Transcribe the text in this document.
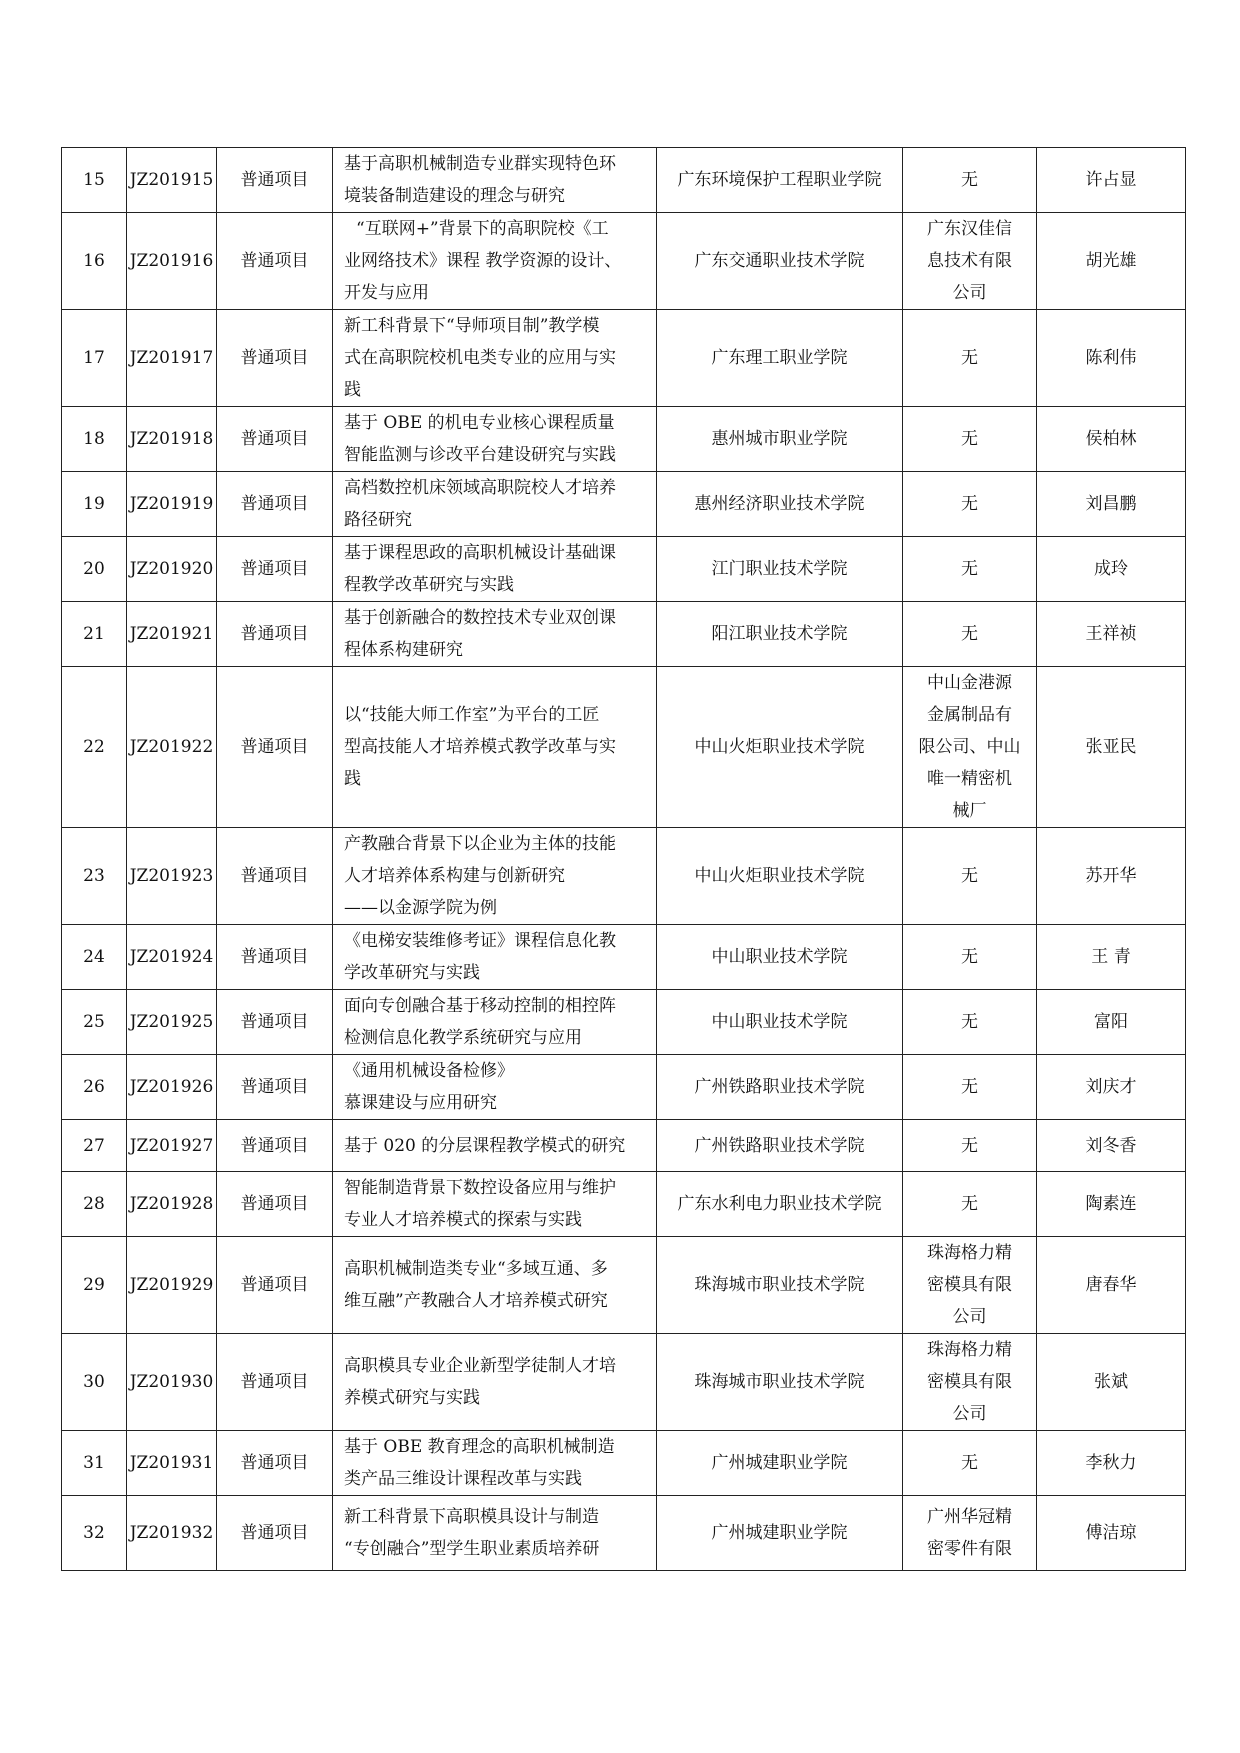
15	JZ201915	普通项目	基于高职机械制造专业群实现特色环
境装备制造建设的理念与研究	广东环境保护工程职业学院	无	许占显
16	JZ201916	普通项目	“互联网+”背景下的高职院校《工
业网络技术》课程 教学资源的设计、
开发与应用	广东交通职业技术学院	广东汉佳信
息技术有限
公司	胡光雄
17	JZ201917	普通项目	新工科背景下“导师项目制”教学模
式在高职院校机电类专业的应用与实
践	广东理工职业学院	无	陈利伟
18	JZ201918	普通项目	基于 OBE 的机电专业核心课程质量
智能监测与诊改平台建设研究与实践	惠州城市职业学院	无	侯柏林
19	JZ201919	普通项目	高档数控机床领域高职院校人才培养
路径研究	惠州经济职业技术学院	无	刘昌鹏
20	JZ201920	普通项目	基于课程思政的高职机械设计基础课
程教学改革研究与实践	江门职业技术学院	无	成玲
21	JZ201921	普通项目	基于创新融合的数控技术专业双创课
程体系构建研究	阳江职业技术学院	无	王祥祯
22	JZ201922	普通项目	以“技能大师工作室”为平台的工匠
型高技能人才培养模式教学改革与实
践	中山火炬职业技术学院	中山金港源
金属制品有
限公司、中山
唯一精密机
械厂	张亚民
23	JZ201923	普通项目	产教融合背景下以企业为主体的技能
人才培养体系构建与创新研究
——以金源学院为例	中山火炬职业技术学院	无	苏开华
24	JZ201924	普通项目	《电梯安装维修考证》课程信息化教
学改革研究与实践	中山职业技术学院	无	王 青
25	JZ201925	普通项目	面向专创融合基于移动控制的相控阵
检测信息化教学系统研究与应用	中山职业技术学院	无	富阳
26	JZ201926	普通项目	《通用机械设备检修》
慕课建设与应用研究	广州铁路职业技术学院	无	刘庆才
27	JZ201927	普通项目	基于 020 的分层课程教学模式的研究	广州铁路职业技术学院	无	刘冬香
28	JZ201928	普通项目	智能制造背景下数控设备应用与维护
专业人才培养模式的探索与实践	广东水利电力职业技术学院	无	陶素连
29	JZ201929	普通项目	高职机械制造类专业“多域互通、多
维互融”产教融合人才培养模式研究	珠海城市职业技术学院	珠海格力精
密模具有限
公司	唐春华
30	JZ201930	普通项目	高职模具专业企业新型学徒制人才培
养模式研究与实践	珠海城市职业技术学院	珠海格力精
密模具有限
公司	张斌
31	JZ201931	普通项目	基于 OBE 教育理念的高职机械制造
类产品三维设计课程改革与实践	广州城建职业学院	无	李秋力
32	JZ201932	普通项目	新工科背景下高职模具设计与制造
“专创融合”型学生职业素质培养研	广州城建职业学院	广州华冠精
密零件有限	傅洁琼
